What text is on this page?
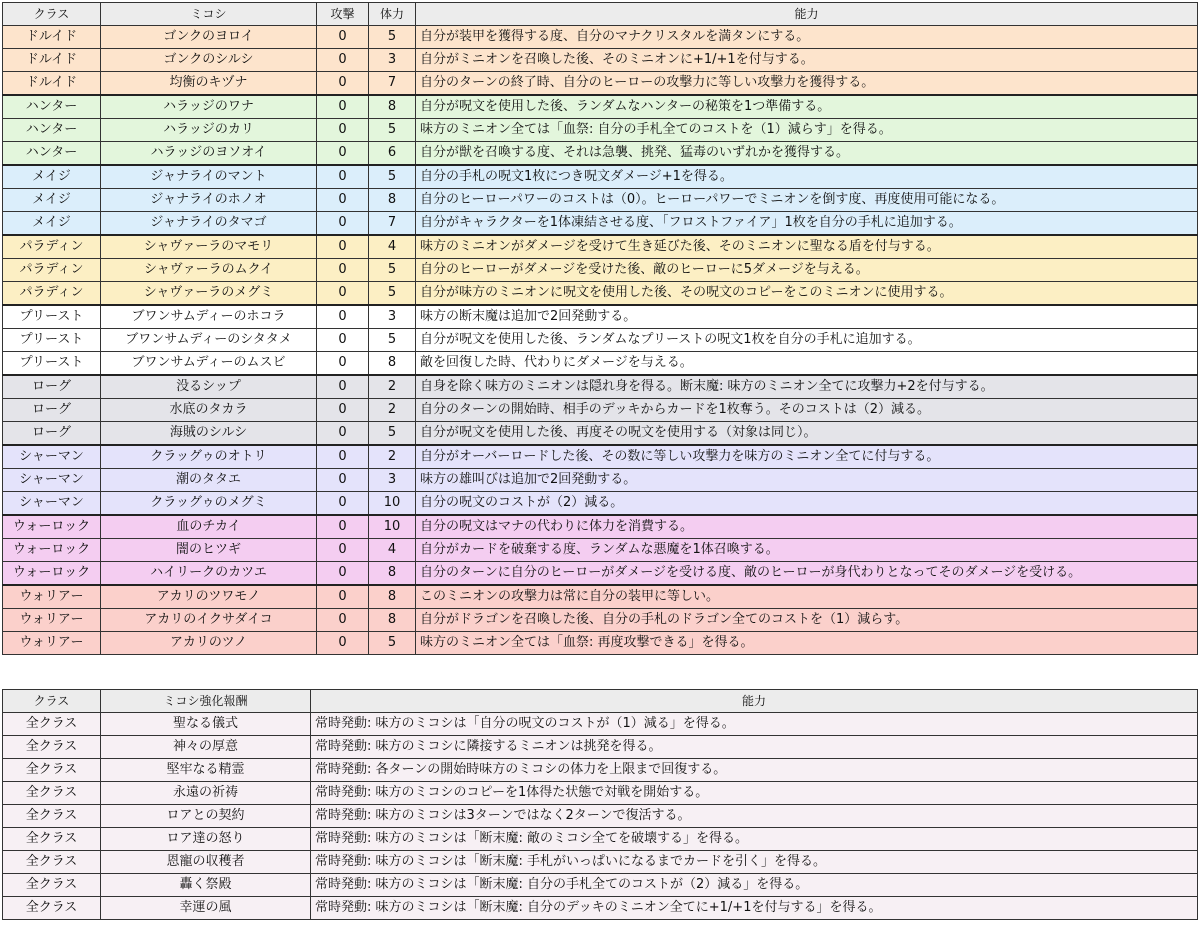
クラス	ミコシ	攻撃	体力	能力
ドルイド	ゴンクのヨロイ	0	5	自分が装甲を獲得する度、自分のマナクリスタルを満タンにする。
ドルイド	ゴンクのシルシ	0	3	自分がミニオンを召喚した後、そのミニオンに+1/+1を付与する。
ドルイド	均衡のキヅナ	0	7	自分のターンの終了時、自分のヒーローの攻撃力に等しい攻撃力を獲得する。
ハンター	ハラッジのワナ	0	8	自分が呪文を使用した後、ランダムなハンターの秘策を1つ準備する。
ハンター	ハラッジのカリ	0	5	味方のミニオン全ては「血祭: 自分の手札全てのコストを（1）減らす」を得る。
ハンター	ハラッジのヨソオイ	0	6	自分が獣を召喚する度、それは急襲、挑発、猛毒のいずれかを獲得する。
メイジ	ジャナライのマント	0	5	自分の手札の呪文1枚につき呪文ダメージ+1を得る。
メイジ	ジャナライのホノオ	0	8	自分のヒーローパワーのコストは（0）。ヒーローパワーでミニオンを倒す度、再度使用可能になる。
メイジ	ジャナライのタマゴ	0	7	自分がキャラクターを1体凍結させる度、「フロストファイア」1枚を自分の手札に追加する。
パラディン	シャヴァーラのマモリ	0	4	味方のミニオンがダメージを受けて生き延びた後、そのミニオンに聖なる盾を付与する。
パラディン	シャヴァーラのムクイ	0	5	自分のヒーローがダメージを受けた後、敵のヒーローに5ダメージを与える。
パラディン	シャヴァーラのメグミ	0	5	自分が味方のミニオンに呪文を使用した後、その呪文のコピーをこのミニオンに使用する。
プリースト	ブワンサムディーのホコラ	0	3	味方の断末魔は追加で2回発動する。
プリースト	ブワンサムディーのシタタメ	0	5	自分が呪文を使用した後、ランダムなプリーストの呪文1枚を自分の手札に追加する。
プリースト	ブワンサムディーのムスビ	0	8	敵を回復した時、代わりにダメージを与える。
ローグ	没るシップ	0	2	自身を除く味方のミニオンは隠れ身を得る。断末魔: 味方のミニオン全てに攻撃力+2を付与する。
ローグ	水底のタカラ	0	2	自分のターンの開始時、相手のデッキからカードを1枚奪う。そのコストは（2）減る。
ローグ	海賊のシルシ	0	5	自分が呪文を使用した後、再度その呪文を使用する（対象は同じ）。
シャーマン	クラッグゥのオトリ	0	2	自分がオーバーロードした後、その数に等しい攻撃力を味方のミニオン全てに付与する。
シャーマン	潮のタタエ	0	3	味方の雄叫びは追加で2回発動する。
シャーマン	クラッグゥのメグミ	0	10	自分の呪文のコストが（2）減る。
ウォーロック	血のチカイ	0	10	自分の呪文はマナの代わりに体力を消費する。
ウォーロック	闇のヒツギ	0	4	自分がカードを破棄する度、ランダムな悪魔を1体召喚する。
ウォーロック	ハイリークのカツエ	0	8	自分のターンに自分のヒーローがダメージを受ける度、敵のヒーローが身代わりとなってそのダメージを受ける。
ウォリアー	アカリのツワモノ	0	8	このミニオンの攻撃力は常に自分の装甲に等しい。
ウォリアー	アカリのイクサダイコ	0	8	自分がドラゴンを召喚した後、自分の手札のドラゴン全てのコストを（1）減らす。
ウォリアー	アカリのツノ	0	5	味方のミニオン全ては「血祭: 再度攻撃できる」を得る。
クラス	ミコシ強化報酬	能力
全クラス	聖なる儀式	常時発動: 味方のミコシは「自分の呪文のコストが（1）減る」を得る。
全クラス	神々の厚意	常時発動: 味方のミコシに隣接するミニオンは挑発を得る。
全クラス	堅牢なる精霊	常時発動: 各ターンの開始時味方のミコシの体力を上限まで回復する。
全クラス	永遠の祈祷	常時発動: 味方のミコシのコピーを1体得た状態で対戦を開始する。
全クラス	ロアとの契約	常時発動: 味方のミコシは3ターンではなく2ターンで復活する。
全クラス	ロア達の怒り	常時発動: 味方のミコシは「断末魔: 敵のミコシ全てを破壊する」を得る。
全クラス	恩寵の収穫者	常時発動: 味方のミコシは「断末魔: 手札がいっぱいになるまでカードを引く」を得る。
全クラス	轟く祭殿	常時発動: 味方のミコシは「断末魔: 自分の手札全てのコストが（2）減る」を得る。
全クラス	幸運の風	常時発動: 味方のミコシは「断末魔: 自分のデッキのミニオン全てに+1/+1を付与する」を得る。
